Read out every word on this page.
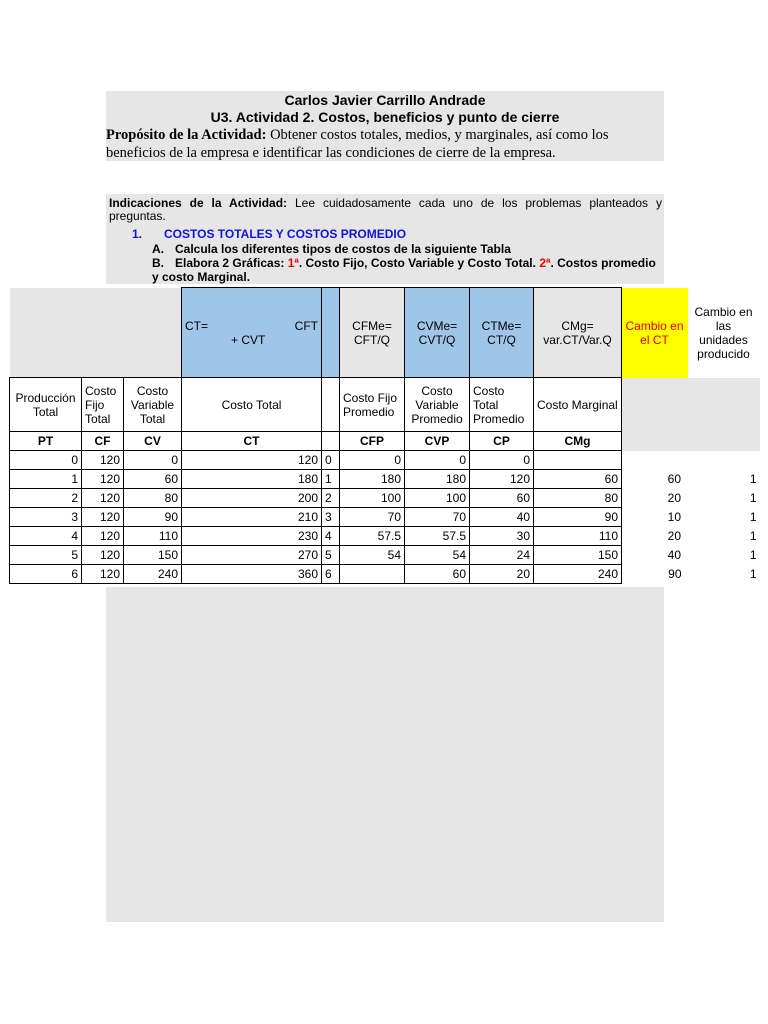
Carlos Javier Carrillo Andrade
U3. Actividad 2. Costos, beneficios y punto de cierre
Propósito de la Actividad: Obtener costos totales, medios, y marginales, así como los beneficios de la empresa e identificar las condiciones de cierre de la empresa.
Indicaciones de la Actividad: Lee cuidadosamente cada uno de los problemas planteados y preguntas.
1. COSTOS TOTALES Y COSTOS PROMEDIO
A. Calcula los diferentes tipos de costos de la siguiente Tabla
B. Elabora 2 Gráficas: 1ª. Costo Fijo, Costo Variable y Costo Total. 2ª. Costos promedio y costo Marginal.

			CT= CFT
+ CVT		CFMe= CFT/Q	CVMe= CVT/Q	CTMe= CT/Q	CMg= var.CT/Var.Q	Cambio en el CT	Cambio en las unidades producido
Producción Total	Costo Fijo Total	Costo Variable Total	Costo Total		Costo Fijo Promedio	Costo Variable Promedio	Costo Total Promedio	Costo Marginal		
PT	CF	CV	CT		CFP	CVP	CP	CMg		
0	120	0	120	0	0	0	0			
1	120	60	180	1	180	180	120	60	60	1
2	120	80	200	2	100	100	60	80	20	1
3	120	90	210	3	70	70	40	90	10	1
4	120	110	230	4	57.5	57.5	30	110	20	1
5	120	150	270	5	54	54	24	150	40	1
6	120	240	360	6		60	20	240	90	1
